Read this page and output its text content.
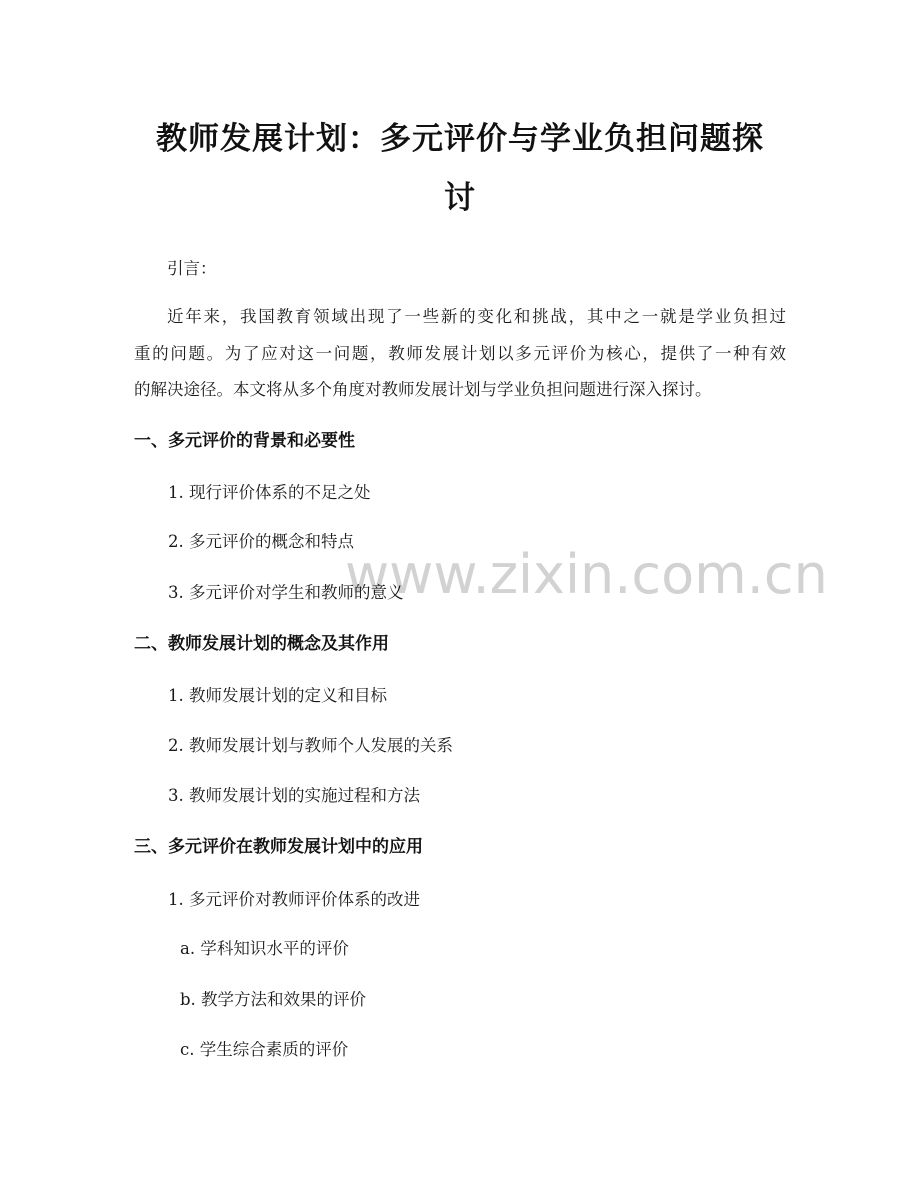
www.zixin.com.cn
教师发展计划：多元评价与学业负担问题探
讨
引言：
近年来，我国教育领域出现了一些新的变化和挑战，其中之一就是学业负担过
重的问题。为了应对这一问题，教师发展计划以多元评价为核心，提供了一种有效
的解决途径。本文将从多个角度对教师发展计划与学业负担问题进行深入探讨。
一、多元评价的背景和必要性
1. 现行评价体系的不足之处
2. 多元评价的概念和特点
3. 多元评价对学生和教师的意义
二、教师发展计划的概念及其作用
1. 教师发展计划的定义和目标
2. 教师发展计划与教师个人发展的关系
3. 教师发展计划的实施过程和方法
三、多元评价在教师发展计划中的应用
1. 多元评价对教师评价体系的改进
a. 学科知识水平的评价
b. 教学方法和效果的评价
c. 学生综合素质的评价
